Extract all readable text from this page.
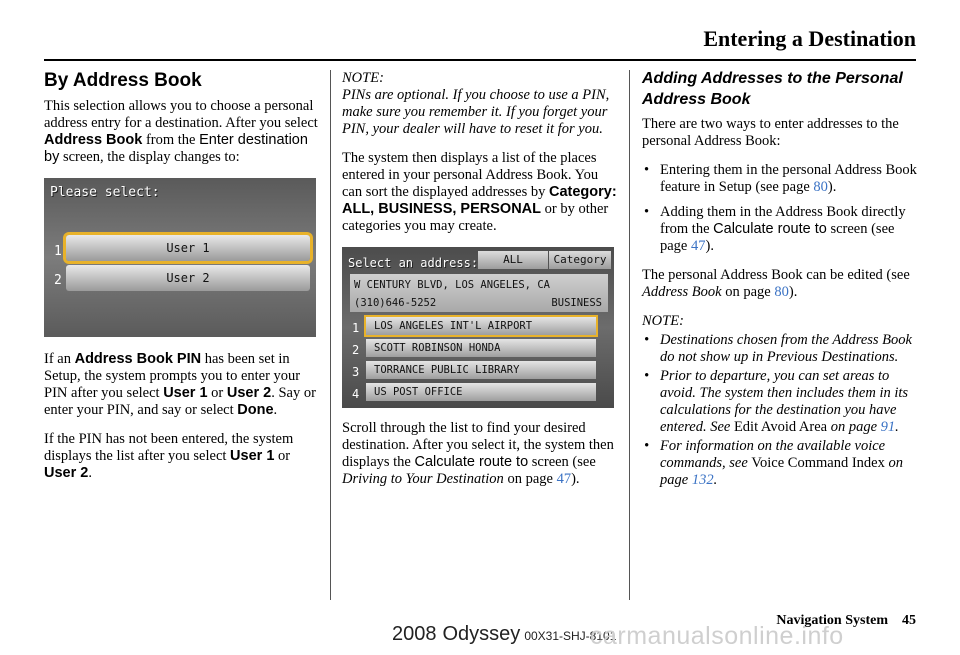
Entering a Destination
By Address Book

This selection allows you to choose a personal address entry for a destination. After you select Address Book from the Enter destination by screen, the display changes to:

Please select:
1	User 1
2	User 2

If an Address Book PIN has been set in Setup, the system prompts you to enter your PIN after you select User 1 or User 2. Say or enter your PIN, and say or select Done.

If the PIN has not been entered, the system displays the list after you select User 1 or User 2.

NOTE:
PINs are optional. If you choose to use a PIN, make sure you remember it. If you forget your PIN, your dealer will have to reset it for you.

The system then displays a list of the places entered in your personal Address Book. You can sort the displayed addresses by Category: ALL, BUSINESS, PERSONAL or by other categories you may create.

Select an address:	ALL	Category
W CENTURY BLVD, LOS ANGELES, CA
(310)646-5252	BUSINESS
1	LOS ANGELES INT'L AIRPORT
2	SCOTT ROBINSON HONDA
3	TORRANCE PUBLIC LIBRARY
4	US POST OFFICE

Scroll through the list to find your desired destination. After you select it, the system then displays the Calculate route to screen (see Driving to Your Destination on page 47).

Adding Addresses to the Personal Address Book

There are two ways to enter addresses to the personal Address Book:

• Entering them in the personal Address Book feature in Setup (see page 80).
• Adding them in the Address Book directly from the Calculate route to screen (see page 47).

The personal Address Book can be edited (see Address Book on page 80).

NOTE:

• Destinations chosen from the Address Book do not show up in Previous Destinations.
• Prior to departure, you can set areas to avoid. The system then includes them in its calculations for the destination you have entered. See Edit Avoid Area on page 91.
• For information on the available voice commands, see Voice Command Index on page 132.
Navigation System 45
2008 Odyssey 00X31-SHJ-8101
carmanualsonline.info
